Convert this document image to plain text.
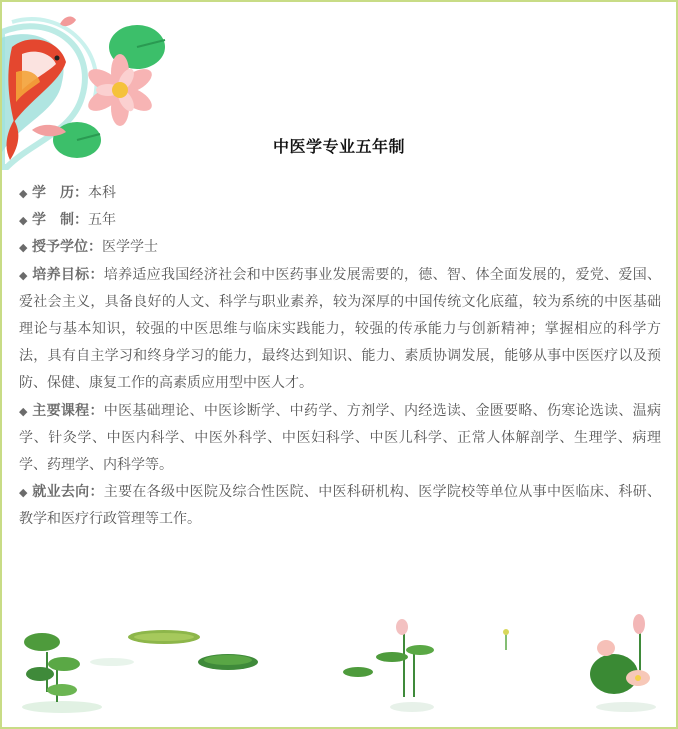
中医学专业五年制

◆ 学　历：本科

◆ 学　制：五年

◆ 授予学位：医学学士

◆ 培养目标：培养适应我国经济社会和中医药事业发展需要的，德、智、体全面发展的，爱党、爱国、爱社会主义，具备良好的人文、科学与职业素养，较为深厚的中国传统文化底蕴，较为系统的中医基础理论与基本知识，较强的中医思维与临床实践能力，较强的传承能力与创新精神；掌握相应的科学方法，具有自主学习和终身学习的能力，最终达到知识、能力、素质协调发展，能够从事中医医疗以及预防、保健、康复工作的高素质应用型中医人才。

◆ 主要课程：中医基础理论、中医诊断学、中药学、方剂学、内经选读、金匮要略、伤寒论选读、温病学、针灸学、中医内科学、中医外科学、中医妇科学、中医儿科学、正常人体解剖学、生理学、病理学、药理学、内科学等。

◆ 就业去向：主要在各级中医院及综合性医院、中医科研机构、医学院校等单位从事中医临床、科研、教学和医疗行政管理等工作。
